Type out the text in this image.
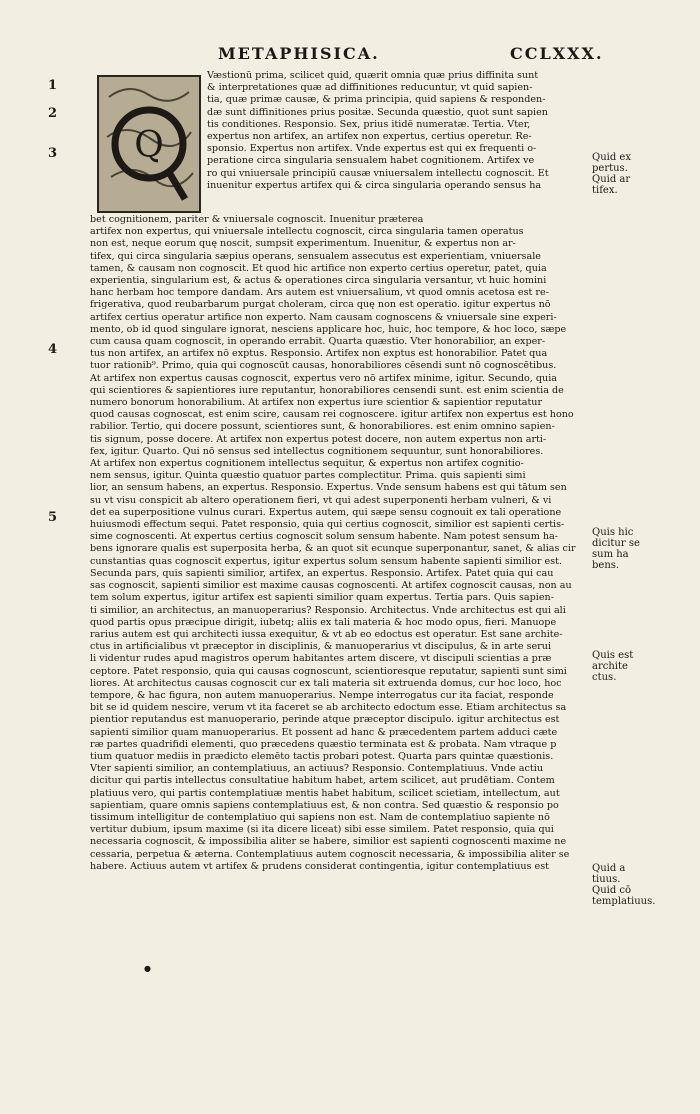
METAPHISICA.	CCLXXX.
Q
1
2
3
4
5
Væstionū prima, scilicet quid, quærit omnia quæ prius diffinita sunt
& interpretationes quæ ad diffinitiones reducuntur, vt quid sapien-
tia, quæ primæ causæ, & prima principia, quid sapiens & responden-
dæ sunt diffinitiones prius positæ. Secunda quæstio, quot sunt sapien
tis conditiones. Responsio. Sex, prius itidē numeratæ. Tertia. Vter,
expertus non artifex, an artifex non expertus, certius operetur. Re-
sponsio. Expertus non artifex. Vnde expertus est qui ex frequenti o-
peratione circa singularia sensualem habet cognitionem. Artifex ve
ro qui vniuersale principiū causæ vniuersalem intellectu cognoscit. Et
inuenitur expertus artifex qui & circa singularia operando sensus ha
bet cognitionem, pariter & vniuersale cognoscit. Inuenitur præterea
artifex non expertus, qui vniuersale intellectu cognoscit, circa singularia tamen operatus
non est, neque eorum quę noscit, sumpsit experimentum. Inuenitur, & expertus non ar-
tifex, qui circa singularia sæpius operans, sensualem assecutus est experientiam, vniuersale
tamen, & causam non cognoscit. Et quod hic artifice non experto certius operetur, patet, quia
experientia, singularium est, & actus & operationes circa singularia versantur, vt huic homini
hanc herbam hoc tempore dandam. Ars autem est vniuersalium, vt quod omnis acetosa est re-
frigerativa, quod reubarbarum purgat choleram, circa quę non est operatio. igitur expertus nō
artifex certius operatur artifice non experto. Nam causam cognoscens & vniuersale sine experi-
mento, ob id quod singulare ignorat, nesciens applicare hoc, huic, hoc tempore, & hoc loco, sæpe
cum causa quam cognoscit, in operando errabit. Quarta quæstio. Vter honorabilior, an exper-
tus non artifex, an artifex nō exptus. Responsio. Artifex non exptus est honorabilior. Patet qua
tuor rationib⁹. Primo, quia qui cognoscūt causas, honorabiliores cēsendi sunt nō cognoscētibus.
At artifex non expertus causas cognoscit, expertus vero nō artifex minime, igitur. Secundo, quia
qui scientiores & sapientiores iure reputantur, honorabiliores censendi sunt. est enim scientia de
numero bonorum honorabilium. At artifex non expertus iure scientior & sapientior reputatur
quod causas cognoscat, est enim scire, causam rei cognoscere. igitur artifex non expertus est hono
rabilior. Tertio, qui docere possunt, scientiores sunt, & honorabiliores. est enim omnino sapien-
tis signum, posse docere. At artifex non expertus potest docere, non autem expertus non arti-
fex, igitur. Quarto. Qui nō sensus sed intellectus cognitionem sequuntur, sunt honorabiliores.
At artifex non expertus cognitionem intellectus sequitur, & expertus non artifex cognitio-
nem sensus, igitur. Quinta quæstio quatuor partes complectitur. Prima. quis sapienti simi
lior, an sensum habens, an expertus. Responsio. Expertus. Vnde sensum habens est qui tātum sen
su vt visu conspicit ab altero operationem fieri, vt qui adest superponenti herbam vulneri, & vi
det ea superpositione vulnus curari. Expertus autem, qui sæpe sensu cognouit ex tali operatione
huiusmodi effectum sequi. Patet responsio, quia qui certius cognoscit, similior est sapienti certis-
sime cognoscenti. At expertus certius cognoscit solum sensum habente. Nam potest sensum ha-
bens ignorare qualis est superposita herba, & an quot sit ecunque superponantur, sanet, & alias cir
cunstantias quas cognoscit expertus, igitur expertus solum sensum habente sapienti similior est.
Secunda pars, quis sapienti similior, artifex, an expertus. Responsio. Artifex. Patet quia qui cau
sas cognoscit, sapienti similior est maxime causas cognoscenti. At artifex cognoscit causas, non au
tem solum expertus, igitur artifex est sapienti similior quam expertus. Tertia pars. Quis sapien-
ti similior, an architectus, an manuoperarius? Responsio. Architectus. Vnde architectus est qui ali
quod partis opus præcipue dirigit, iubetq; aliis ex tali materia & hoc modo opus, fieri. Manuope
rarius autem est qui architecti iussa exequitur, & vt ab eo edoctus est operatur. Est sane archite-
ctus in artificialibus vt præceptor in disciplinis, & manuoperarius vt discipulus, & in arte serui
li videntur rudes apud magistros operum habitantes artem discere, vt discipuli scientias a præ
ceptore. Patet responsio, quia qui causas cognoscunt, scientioresque reputatur, sapienti sunt simi
liores. At architectus causas cognoscit cur ex tali materia sit extruenda domus, cur hoc loco, hoc
tempore, & hac figura, non autem manuoperarius. Nempe interrogatus cur ita faciat, responde
bit se id quidem nescire, verum vt ita faceret se ab architecto edoctum esse. Etiam architectus sa
pientior reputandus est manuoperario, perinde atque præceptor discipulo. igitur architectus est
sapienti similior quam manuoperarius. Et possent ad hanc & præcedentem partem adduci cæte
ræ partes quadrifidi elementi, quo præcedens quæstio terminata est & probata. Nam vtraque p
tium quatuor mediis in prædicto elemēto tactis probari potest. Quarta pars quintæ quæstionis.
Vter sapienti similior, an contemplatiuus, an actiuus? Responsio. Contemplatiuus. Vnde actiu
dicitur qui partis intellectus consultatiue habitum habet, artem scilicet, aut prudētiam. Contem
platiuus vero, qui partis contemplatiuæ mentis habet habitum, scilicet scietiam, intellectum, aut
sapientiam, quare omnis sapiens contemplatiuus est, & non contra. Sed quæstio & responsio po
tissimum intelligitur de contemplatiuo qui sapiens non est. Nam de contemplatiuo sapiente nō
vertitur dubium, ipsum maxime (si ita dicere liceat) sibi esse similem. Patet responsio, quia qui
necessaria cognoscit, & impossibilia aliter se habere, similior est sapienti cognoscenti maxime ne
cessaria, perpetua & æterna. Contemplatiuus autem cognoscit necessaria, & impossibilia aliter se
habere. Actiuus autem vt artifex & prudens considerat contingentia, igitur contemplatiuus est
Quid ex pertus. Quid ar tifex.
Quis hic dicitur se sum ha bens.
Quis est archite ctus.
Quid a tiuus. Quid cō templatiuus.
●
